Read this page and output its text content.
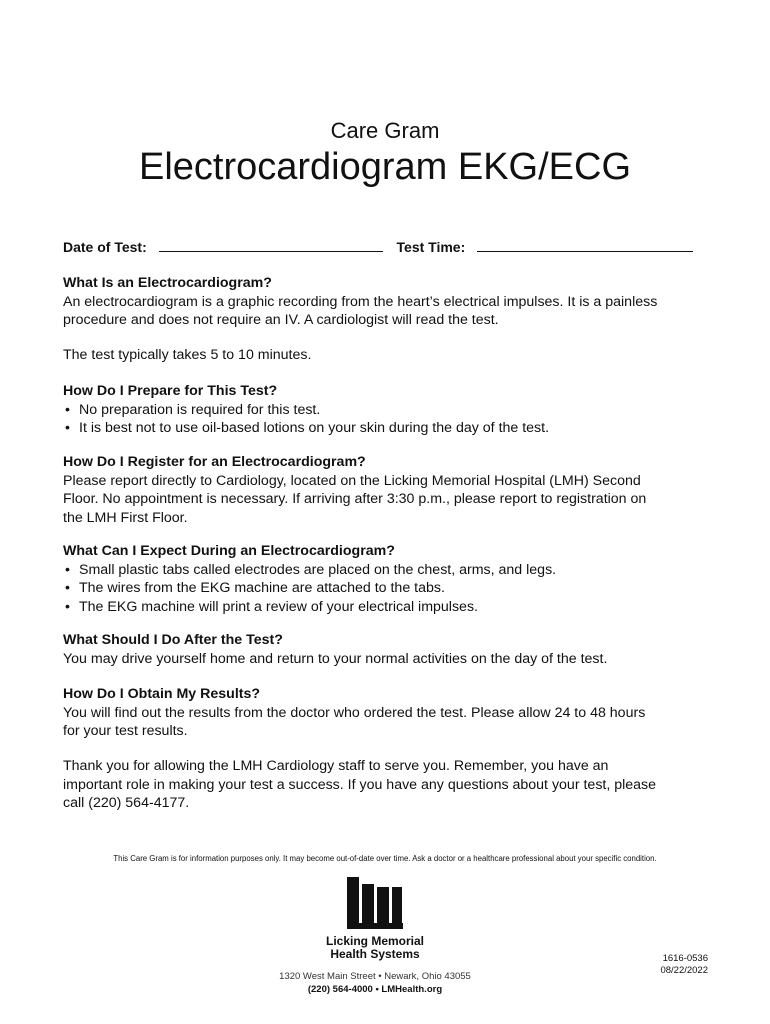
Care Gram
Electrocardiogram EKG/ECG
Date of Test:	Test Time:
What Is an Electrocardiogram?
An electrocardiogram is a graphic recording from the heart’s electrical impulses. It is a painless
procedure and does not require an IV. A cardiologist will read the test.
The test typically takes 5 to 10 minutes.
How Do I Prepare for This Test?
• No preparation is required for this test.
• It is best not to use oil-based lotions on your skin during the day of the test.
How Do I Register for an Electrocardiogram?
Please report directly to Cardiology, located on the Licking Memorial Hospital (LMH) Second
Floor. No appointment is necessary. If arriving after 3:30 p.m., please report to registration on
the LMH First Floor.
What Can I Expect During an Electrocardiogram?
• Small plastic tabs called electrodes are placed on the chest, arms, and legs.
• The wires from the EKG machine are attached to the tabs.
• The EKG machine will print a review of your electrical impulses.
What Should I Do After the Test?
You may drive yourself home and return to your normal activities on the day of the test.
How Do I Obtain My Results?
You will find out the results from the doctor who ordered the test. Please allow 24 to 48 hours
for your test results.
Thank you for allowing the LMH Cardiology staff to serve you. Remember, you have an
important role in making your test a success. If you have any questions about your test, please
call (220) 564-4177.
This Care Gram is for information purposes only. It may become out-of-date over time. Ask a doctor or a healthcare professional about your specific condition.
Licking Memorial
Health Systems
1320 West Main Street • Newark, Ohio 43055
(220) 564-4000 • LMHealth.org
1616-0536
08/22/2022
